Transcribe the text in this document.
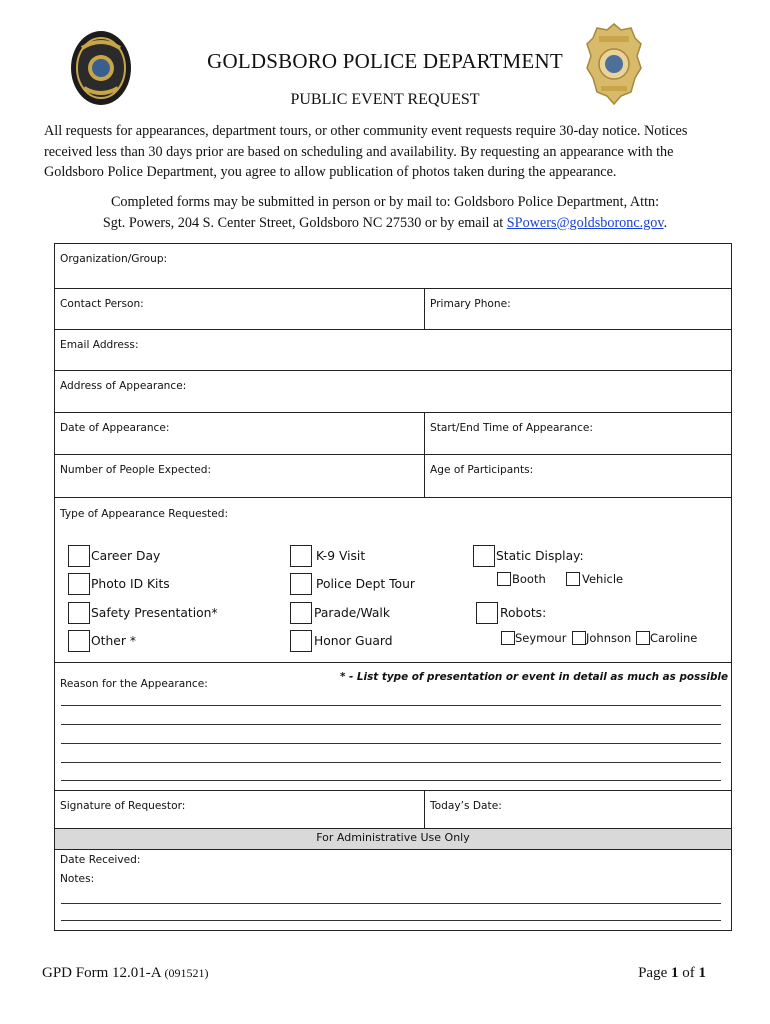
GOLDSBORO POLICE DEPARTMENT
PUBLIC EVENT REQUEST
All requests for appearances, department tours, or other community event requests require 30-day notice. Notices received less than 30 days prior are based on scheduling and availability. By requesting an appearance with the Goldsboro Police Department, you agree to allow publication of photos taken during the appearance.
Completed forms may be submitted in person or by mail to: Goldsboro Police Department, Attn:
Sgt. Powers, 204 S. Center Street, Goldsboro NC 27530 or by email at SPowers@goldsboronc.gov.
Organization/Group:
Contact Person:	Primary Phone:
Email Address:
Address of Appearance:
Date of Appearance:	Start/End Time of Appearance:
Number of People Expected:	Age of Participants:
Type of Appearance Requested:
Reason for the Appearance:
Signature of Requestor:	Today’s Date:
For Administrative Use Only
Date Received:
Notes:
Career Day
Photo ID Kits
Safety Presentation*
Other *
K-9 Visit
Police Dept Tour
Parade/Walk
Honor Guard
Static Display:
Booth	Vehicle
Robots:
Seymour Johnson Caroline
* - List type of presentation or event in detail as much as possible
GPD Form 12.01-A (091521)	Page 1 of 1
